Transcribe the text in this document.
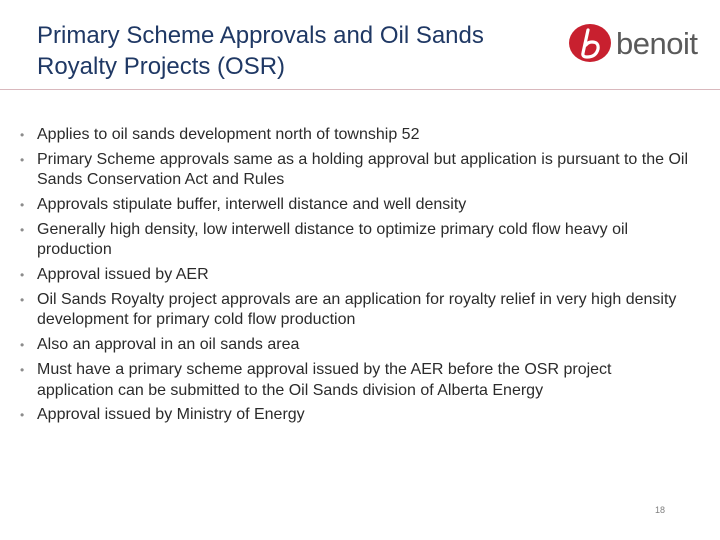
Primary Scheme Approvals and Oil Sands
Royalty Projects (OSR)
benoit
• Applies to oil sands development north of township 52
• Primary Scheme approvals same as a holding approval but application is pursuant to the Oil Sands Conservation Act and Rules
• Approvals stipulate buffer, interwell distance and well density
• Generally high density, low interwell distance to optimize primary cold flow heavy oil production
• Approval issued by AER
• Oil Sands Royalty project approvals are an application for royalty relief in very high density development for primary cold flow production
• Also an approval in an oil sands area
• Must have a primary scheme approval issued by the AER before the OSR project application can be submitted to the Oil Sands division of Alberta Energy
• Approval issued by Ministry of Energy
18
